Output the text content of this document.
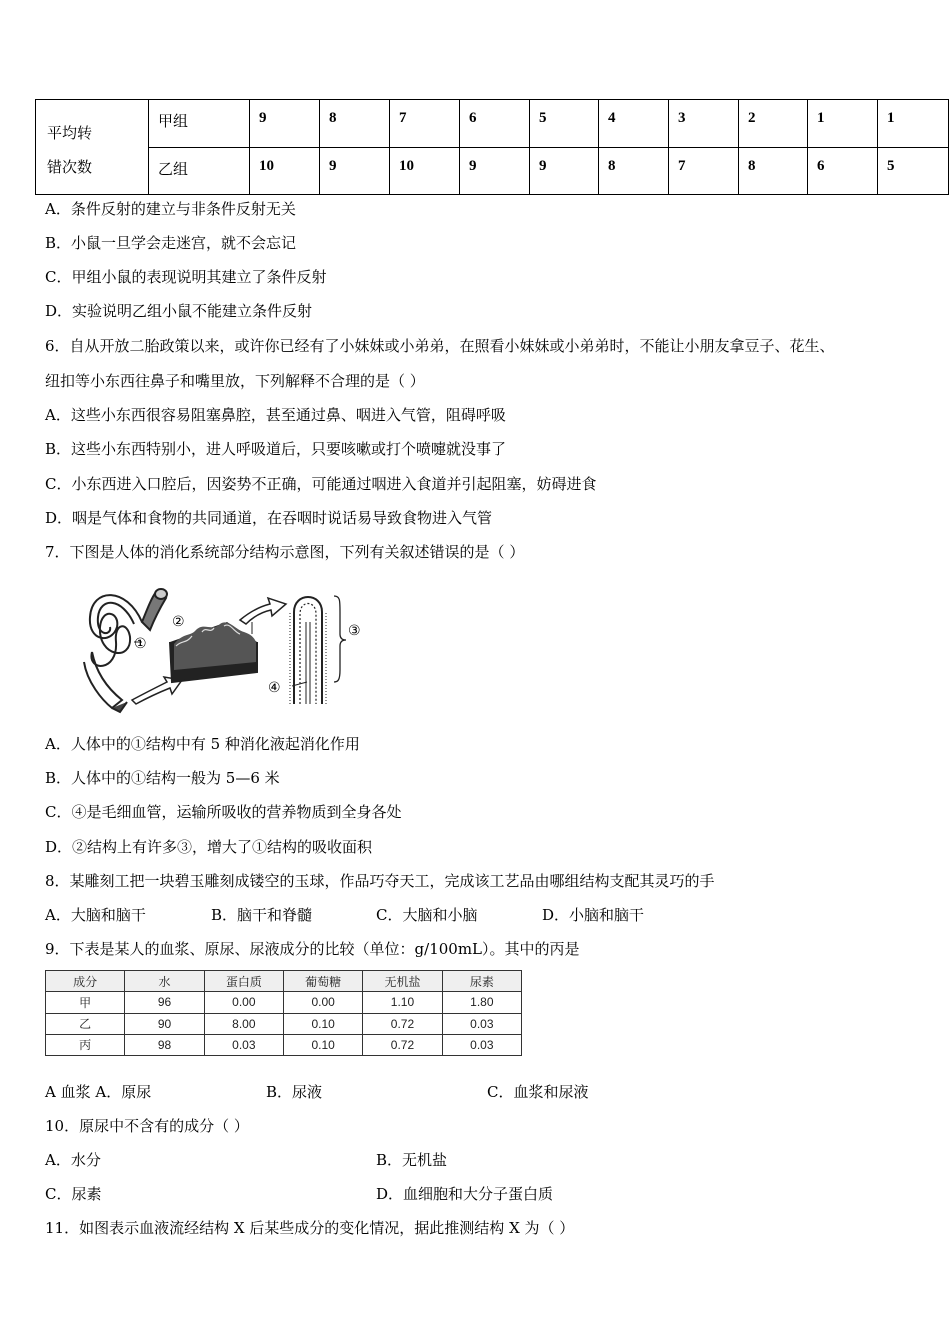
平均转
错次数	甲组	9	8	7	6	5	4	3	2	1	1
	乙组	10	9	10	9	9	8	7	8	6	5
A．条件反射的建立与非条件反射无关
B．小鼠一旦学会走迷宫，就不会忘记
C．甲组小鼠的表现说明其建立了条件反射
D．实验说明乙组小鼠不能建立条件反射
6．自从开放二胎政策以来，或许你已经有了小妹妹或小弟弟，在照看小妹妹或小弟弟时，不能让小朋友拿豆子、花生、
纽扣等小东西往鼻子和嘴里放，下列解释不合理的是（ ）
A．这些小东西很容易阻塞鼻腔，甚至通过鼻、咽进入气管，阻碍呼吸
B．这些小东西特别小，进人呼吸道后，只要咳嗽或打个喷嚏就没事了
C．小东西进入口腔后，因姿势不正确，可能通过咽进入食道并引起阻塞，妨碍进食
D．咽是气体和食物的共同通道，在吞咽时说话易导致食物进入气管
7．下图是人体的消化系统部分结构示意图，下列有关叙述错误的是（ ）
①
②
③
④
A．人体中的①结构中有 5 种消化液起消化作用
B．人体中的①结构一般为 5—6 米
C．④是毛细血管，运输所吸收的营养物质到全身各处
D．②结构上有许多③，增大了①结构的吸收面积
8．某雕刻工把一块碧玉雕刻成镂空的玉球，作品巧夺天工，完成该工艺品由哪组结构支配其灵巧的手
A．大脑和脑干	B．脑干和脊髓	C．大脑和小脑	D．小脑和脑干
9．下表是某人的血浆、原尿、尿液成分的比较（单位：g/100mL）。其中的丙是
成分	水	蛋白质	葡萄糖	无机盐	尿素
甲	96	0.00	0.00	1.10	1.80
乙	90	8.00	0.10	0.72	0.03
丙	98	0.03	0.10	0.72	0.03
A 血浆 A．原尿	B．尿液	C．血浆和尿液
10．原尿中不含有的成分（ ）
A．水分	B．无机盐
C．尿素	D．血细胞和大分子蛋白质
11．如图表示血液流经结构 X 后某些成分的变化情况，据此推测结构 X 为（ ）
